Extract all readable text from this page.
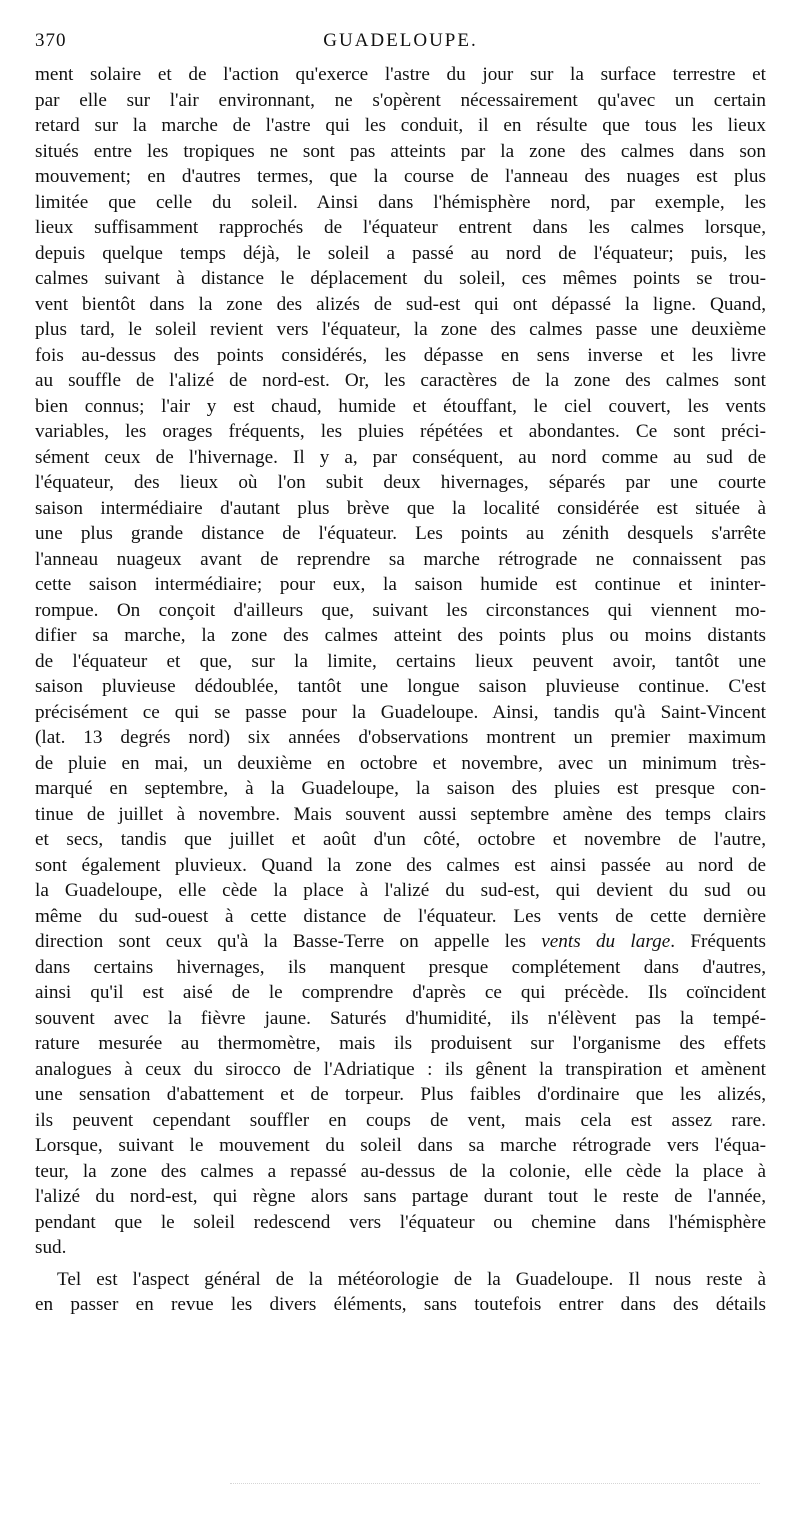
370	GUADELOUPE.
ment solaire et de l'action qu'exerce l'astre du jour sur la surface terrestre et
par elle sur l'air environnant, ne s'opèrent nécessairement qu'avec un certain
retard sur la marche de l'astre qui les conduit, il en résulte que tous les lieux
situés entre les tropiques ne sont pas atteints par la zone des calmes dans son
mouvement; en d'autres termes, que la course de l'anneau des nuages est plus
limitée que celle du soleil. Ainsi dans l'hémisphère nord, par exemple, les
lieux suffisamment rapprochés de l'équateur entrent dans les calmes lorsque,
depuis quelque temps déjà, le soleil a passé au nord de l'équateur; puis, les
calmes suivant à distance le déplacement du soleil, ces mêmes points se trou-
vent bientôt dans la zone des alizés de sud-est qui ont dépassé la ligne. Quand,
plus tard, le soleil revient vers l'équateur, la zone des calmes passe une deuxième
fois au-dessus des points considérés, les dépasse en sens inverse et les livre
au souffle de l'alizé de nord-est. Or, les caractères de la zone des calmes sont
bien connus; l'air y est chaud, humide et étouffant, le ciel couvert, les vents
variables, les orages fréquents, les pluies répétées et abondantes. Ce sont préci-
sément ceux de l'hivernage. Il y a, par conséquent, au nord comme au sud de
l'équateur, des lieux où l'on subit deux hivernages, séparés par une courte
saison intermédiaire d'autant plus brève que la localité considérée est située à
une plus grande distance de l'équateur. Les points au zénith desquels s'arrête
l'anneau nuageux avant de reprendre sa marche rétrograde ne connaissent pas
cette saison intermédiaire; pour eux, la saison humide est continue et ininter-
rompue. On conçoit d'ailleurs que, suivant les circonstances qui viennent mo-
difier sa marche, la zone des calmes atteint des points plus ou moins distants
de l'équateur et que, sur la limite, certains lieux peuvent avoir, tantôt une
saison pluvieuse dédoublée, tantôt une longue saison pluvieuse continue. C'est
précisément ce qui se passe pour la Guadeloupe. Ainsi, tandis qu'à Saint-Vincent
(lat. 13 degrés nord) six années d'observations montrent un premier maximum
de pluie en mai, un deuxième en octobre et novembre, avec un minimum très-
marqué en septembre, à la Guadeloupe, la saison des pluies est presque con-
tinue de juillet à novembre. Mais souvent aussi septembre amène des temps clairs
et secs, tandis que juillet et août d'un côté, octobre et novembre de l'autre,
sont également pluvieux. Quand la zone des calmes est ainsi passée au nord de
la Guadeloupe, elle cède la place à l'alizé du sud-est, qui devient du sud ou
même du sud-ouest à cette distance de l'équateur. Les vents de cette dernière
direction sont ceux qu'à la Basse-Terre on appelle les vents du large. Fréquents
dans certains hivernages, ils manquent presque complétement dans d'autres,
ainsi qu'il est aisé de le comprendre d'après ce qui précède. Ils coïncident
souvent avec la fièvre jaune. Saturés d'humidité, ils n'élèvent pas la tempé-
rature mesurée au thermomètre, mais ils produisent sur l'organisme des effets
analogues à ceux du sirocco de l'Adriatique : ils gênent la transpiration et amènent
une sensation d'abattement et de torpeur. Plus faibles d'ordinaire que les alizés,
ils peuvent cependant souffler en coups de vent, mais cela est assez rare.
Lorsque, suivant le mouvement du soleil dans sa marche rétrograde vers l'équa-
teur, la zone des calmes a repassé au-dessus de la colonie, elle cède la place à
l'alizé du nord-est, qui règne alors sans partage durant tout le reste de l'année,
pendant que le soleil redescend vers l'équateur ou chemine dans l'hémisphère
sud.
Tel est l'aspect général de la météorologie de la Guadeloupe. Il nous reste à
en passer en revue les divers éléments, sans toutefois entrer dans des détails
